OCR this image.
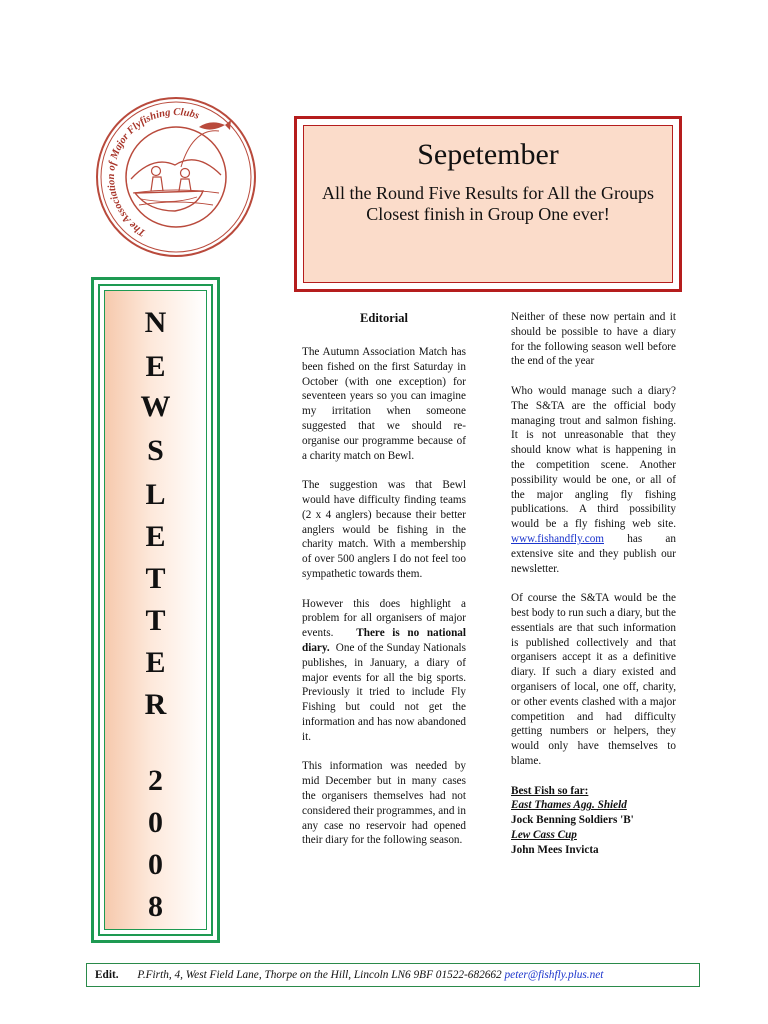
The Association of Major Flyfishing Clubs
Sepetember
All the Round Five Results for All the Groups
Closest finish in Group One ever!
N
E
W
S
L
E
T
T
E
R
2
0
0
8
Editorial

The Autumn Association Match has been fished on the first Saturday in October (with one exception) for seventeen years so you can imagine my irritation when someone suggested that we should re-organise our programme because of a charity match on Bewl.

The suggestion was that Bewl would have difficulty finding teams (2 x 4 anglers) because their better anglers would be fishing in the charity match. With a membership of over 500 anglers I do not feel too sympathetic towards them.

However this does highlight a problem for all organisers of major events. There is no national diary. One of the Sunday Nationals publishes, in January, a diary of major events for all the big sports. Previously it tried to include Fly Fishing but could not get the information and has now abandoned it.

This information was needed by mid December but in many cases the organisers themselves had not considered their programmes, and in any case no reservoir had opened their diary for the following season.

Neither of these now pertain and it should be possible to have a diary for the following season well before the end of the year

Who would manage such a diary? The S&TA are the official body managing trout and salmon fishing. It is not unreasonable that they should know what is happening in the competition scene. Another possibility would be one, or all of the major angling fly fishing publications. A third possibility would be a fly fishing web site. www.fishandfly.com has an extensive site and they publish our newsletter.

Of course the S&TA would be the best body to run such a diary, but the essentials are that such information is published collectively and that organisers accept it as a definitive diary. If such a diary existed and organisers of local, one off, charity, or other events clashed with a major competition and had difficulty getting numbers or helpers, they would only have themselves to blame.

Best Fish so far:
East Thames Agg. Shield
Jock Benning Soldiers 'B'
Lew Cass Cup
John Mees Invicta
Edit. P.Firth, 4, West Field Lane, Thorpe on the Hill, Lincoln LN6 9BF 01522-682662 peter@fishfly.plus.net
